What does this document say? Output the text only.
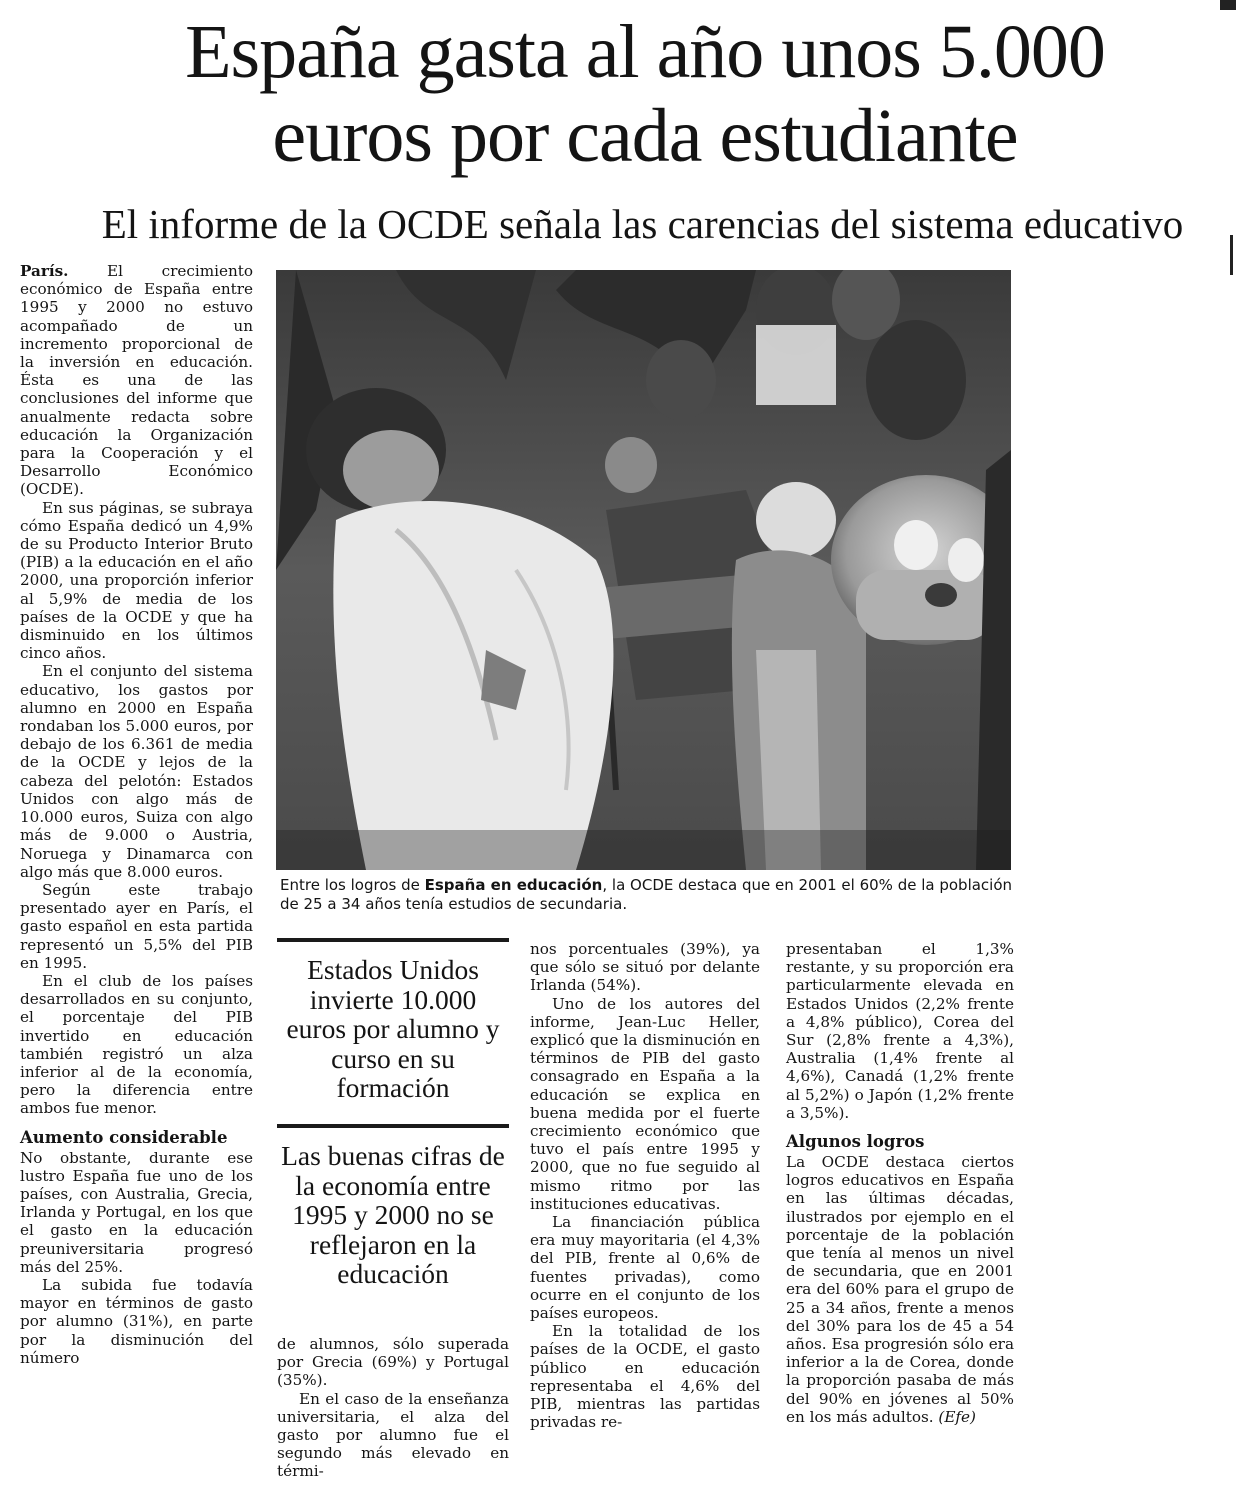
España gasta al año unos 5.000
euros por cada estudiante
El informe de la OCDE señala las carencias del sistema educativo

París. El crecimiento económico de España entre 1995 y 2000 no estuvo acompañado de un incremento proporcional de la inversión en educación. Ésta es una de las conclusiones del informe que anualmente redacta sobre educación la Organización para la Cooperación y el Desarrollo Económico (OCDE).

En sus páginas, se subraya cómo España dedicó un 4,9% de su Producto Interior Bruto (PIB) a la educación en el año 2000, una proporción inferior al 5,9% de media de los países de la OCDE y que ha disminuido en los últimos cinco años.

En el conjunto del sistema educativo, los gastos por alumno en 2000 en España rondaban los 5.000 euros, por debajo de los 6.361 de media de la OCDE y lejos de la cabeza del pelotón: Estados Unidos con algo más de 10.000 euros, Suiza con algo más de 9.000 o Austria, Noruega y Dinamarca con algo más que 8.000 euros.

Según este trabajo presentado ayer en París, el gasto español en esta partida representó un 5,5% del PIB en 1995.

En el club de los países desarrollados en su conjunto, el porcentaje del PIB invertido en educación también registró un alza inferior al de la economía, pero la diferencia entre ambos fue menor.

Aumento considerable

No obstante, durante ese lustro España fue uno de los países, con Australia, Grecia, Irlanda y Portugal, en los que el gasto en la educación preuniversitaria progresó más del 25%.

La subida fue todavía mayor en términos de gasto por alumno (31%), en parte por la disminución del número

Entre los logros de España en educación, la OCDE destaca que en 2001 el 60% de la población de 25 a 34 años tenía estudios de secundaria.
Estados Unidos invierte 10.000 euros por alumno y curso en su formación
Las buenas cifras de la economía entre 1995 y 2000 no se reflejaron en la educación

de alumnos, sólo superada por Grecia (69%) y Portugal (35%).

En el caso de la enseñanza universitaria, el alza del gasto por alumno fue el segundo más elevado en térmi-

nos porcentuales (39%), ya que sólo se situó por delante Irlanda (54%).

Uno de los autores del informe, Jean-Luc Heller, explicó que la disminución en términos de PIB del gasto consagrado en España a la educación se explica en buena medida por el fuerte crecimiento económico que tuvo el país entre 1995 y 2000, que no fue seguido al mismo ritmo por las instituciones educativas.

La financiación pública era muy mayoritaria (el 4,3% del PIB, frente al 0,6% de fuentes privadas), como ocurre en el conjunto de los países europeos.

En la totalidad de los países de la OCDE, el gasto público en educación representaba el 4,6% del PIB, mientras las partidas privadas re-

presentaban el 1,3% restante, y su proporción era particularmente elevada en Estados Unidos (2,2% frente a 4,8% público), Corea del Sur (2,8% frente a 4,3%), Australia (1,4% frente al 4,6%), Canadá (1,2% frente al 5,2%) o Japón (1,2% frente a 3,5%).

Algunos logros

La OCDE destaca ciertos logros educativos en España en las últimas décadas, ilustrados por ejemplo en el porcentaje de la población que tenía al menos un nivel de secundaria, que en 2001 era del 60% para el grupo de 25 a 34 años, frente a menos del 30% para los de 45 a 54 años. Esa progresión sólo era inferior a la de Corea, donde la proporción pasaba de más del 90% en jóvenes al 50% en los más adultos. (Efe)
